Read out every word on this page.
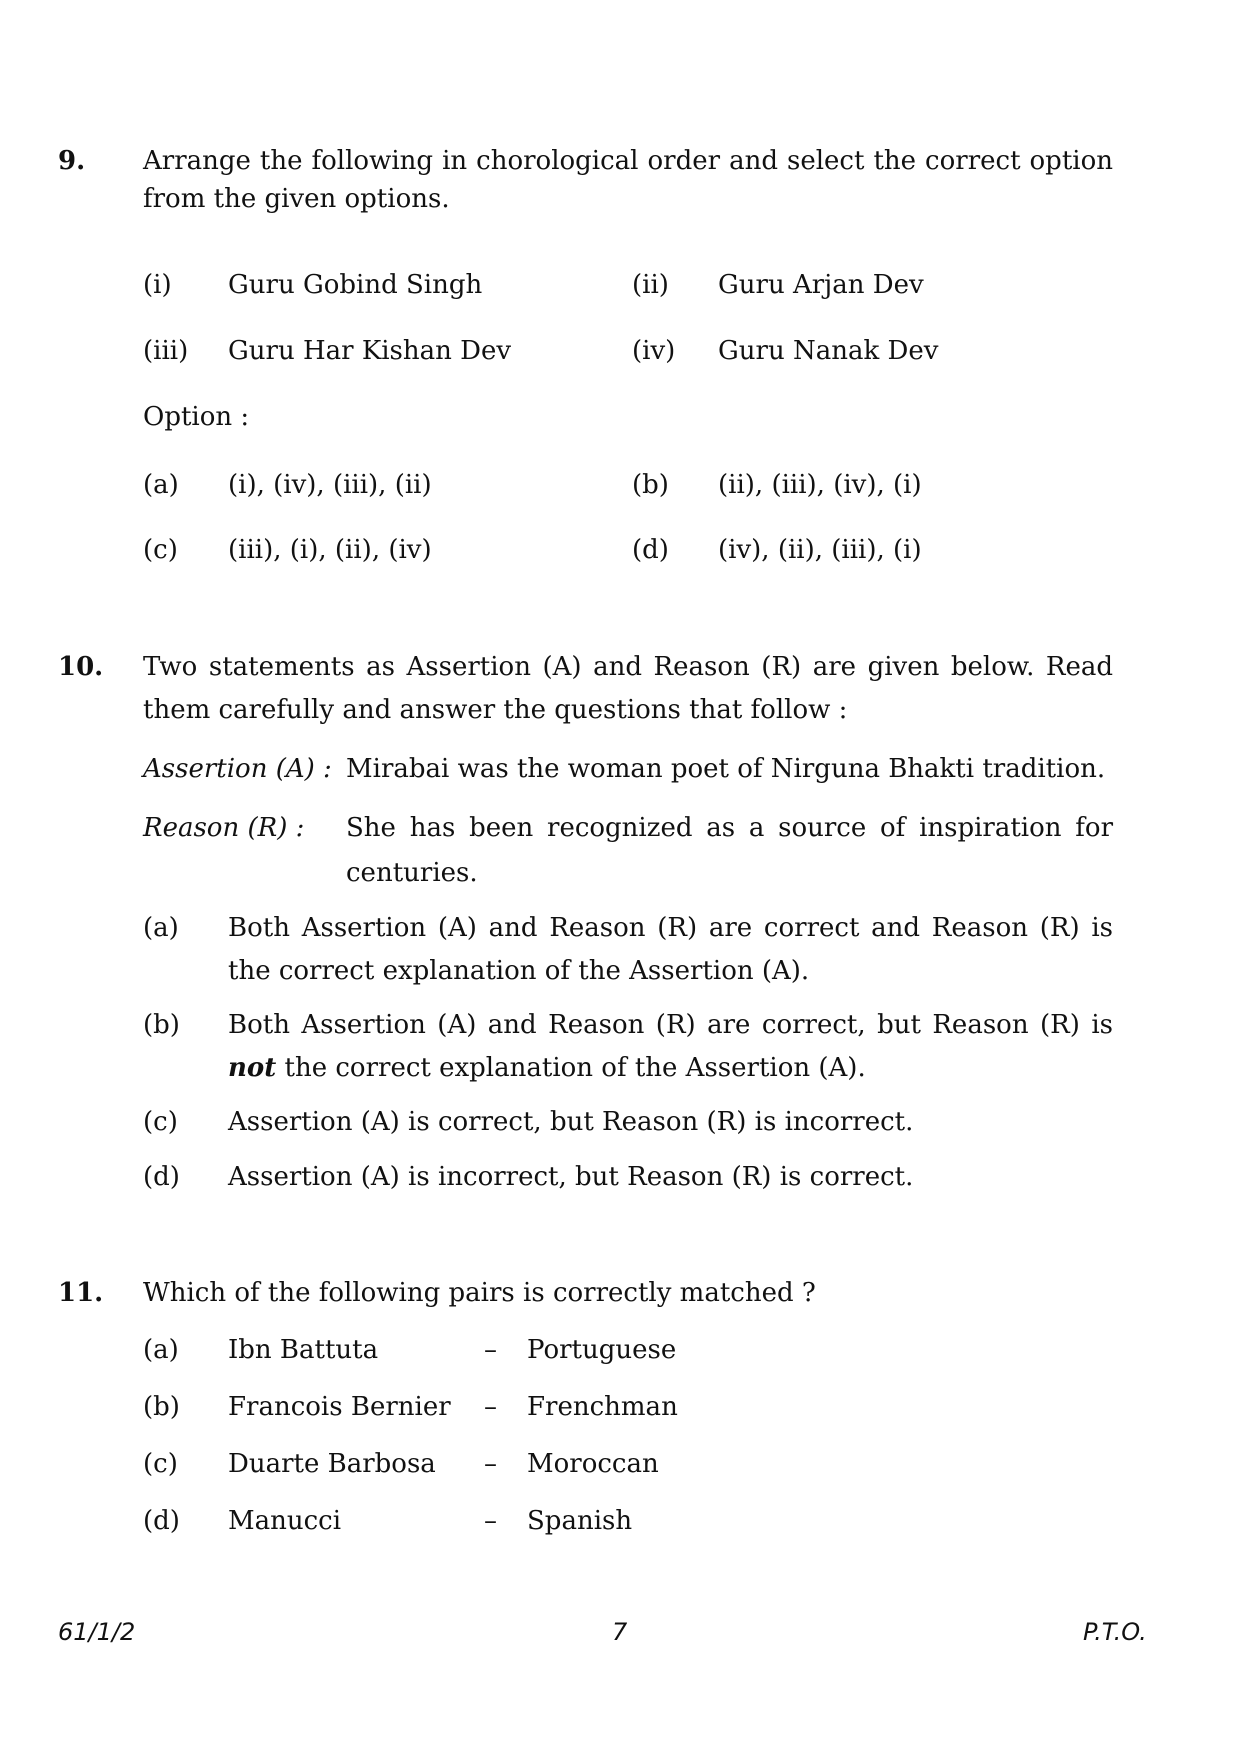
9. Arrange the following in chorological order and select the correct option
from the given options.
(i) Guru Gobind Singh	(ii) Guru Arjan Dev
(iii) Guru Har Kishan Dev	(iv) Guru Nanak Dev
Option :
(a) (i), (iv), (iii), (ii)	(b) (ii), (iii), (iv), (i)
(c) (iii), (i), (ii), (iv)	(d) (iv), (ii), (iii), (i)
10. Two statements as Assertion (A) and Reason (R) are given below. Read
them carefully and answer the questions that follow :
Assertion (A) : Mirabai was the woman poet of Nirguna Bhakti tradition.
Reason (R) : She has been recognized as a source of inspiration for
centuries.
(a) Both Assertion (A) and Reason (R) are correct and Reason (R) is
the correct explanation of the Assertion (A).
(b) Both Assertion (A) and Reason (R) are correct, but Reason (R) is
not the correct explanation of the Assertion (A).
(c) Assertion (A) is correct, but Reason (R) is incorrect.
(d) Assertion (A) is incorrect, but Reason (R) is correct.
11. Which of the following pairs is correctly matched ?
(a) Ibn Battuta	– Portuguese
(b) Francois Bernier – Frenchman
(c) Duarte Barbosa – Moroccan
(d) Manucci	– Spanish
61/1/2	7	P.T.O.
